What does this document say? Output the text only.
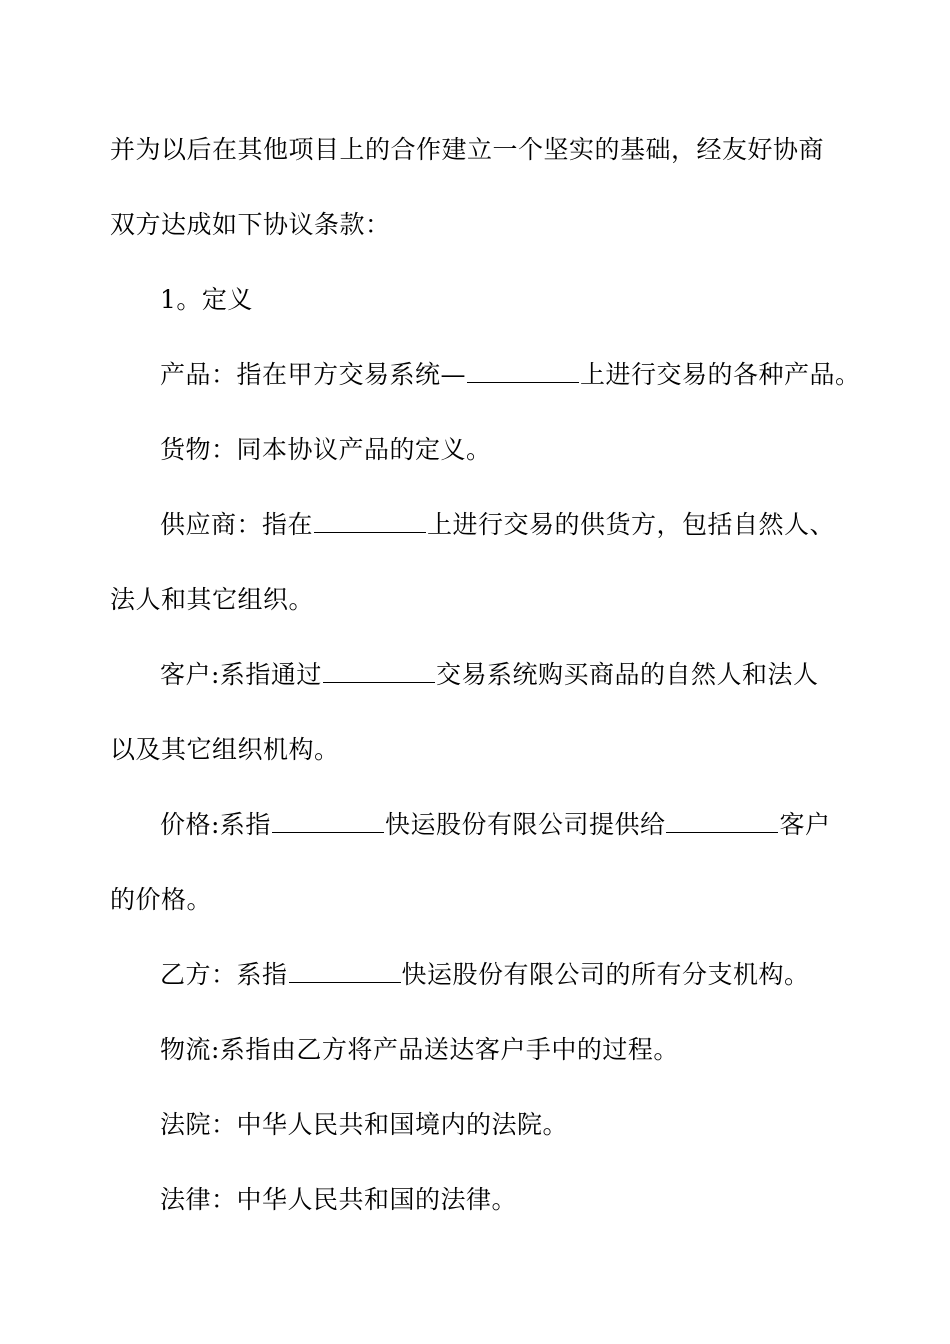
并为以后在其他项目上的合作建立一个坚实的基础，经友好协商
双方达成如下协议条款：
1。定义
产品：指在甲方交易系统—	上进行交易的各种产品。
货物：同本协议产品的定义。
供应商：指在	上进行交易的供货方，包括自然人、
法人和其它组织。
客户:系指通过	交易系统购买商品的自然人和法人
以及其它组织机构。
价格:系指	快运股份有限公司提供给	客户
的价格。
乙方：系指	快运股份有限公司的所有分支机构。
物流:系指由乙方将产品送达客户手中的过程。
法院：中华人民共和国境内的法院。
法律：中华人民共和国的法律。
